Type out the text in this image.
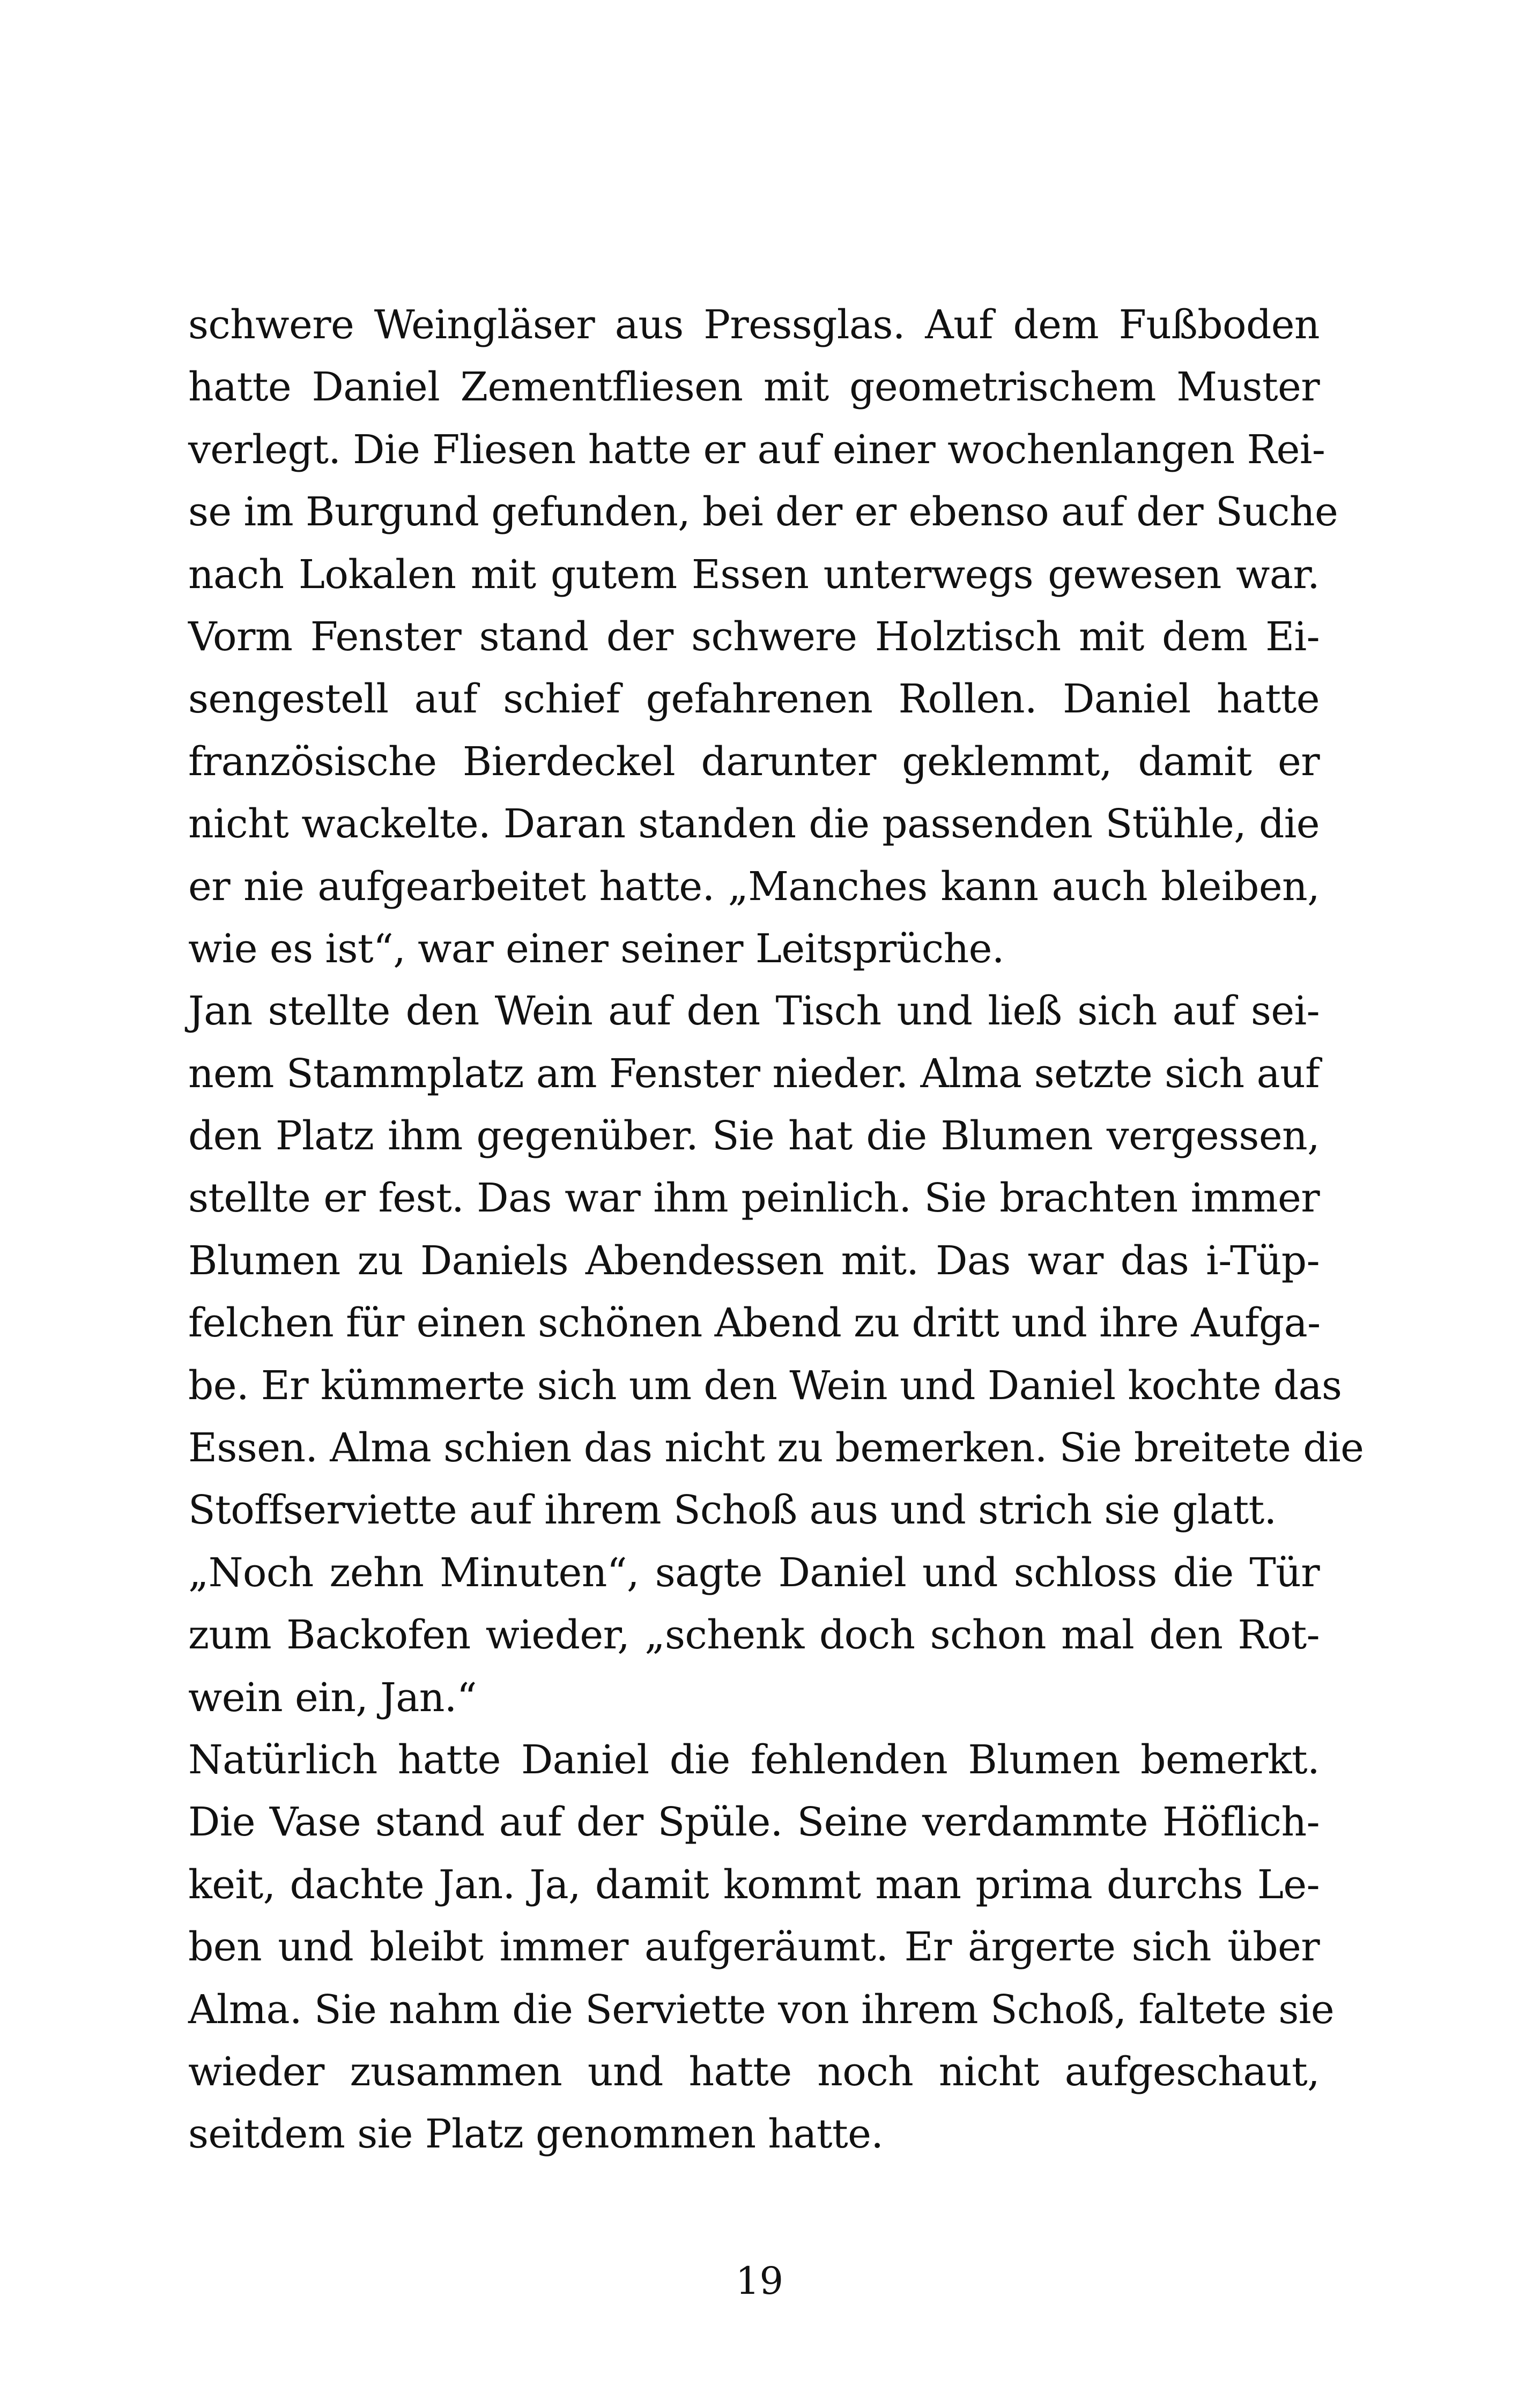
schwere Weingläser aus Pressglas. Auf dem Fußboden
hatte Daniel Zementfliesen mit geometrischem Muster
verlegt. Die Fliesen hatte er auf einer wochenlangen Rei-
se im Burgund gefunden, bei der er ebenso auf der Suche
nach Lokalen mit gutem Essen unterwegs gewesen war.
Vorm Fenster stand der schwere Holztisch mit dem Ei-
sengestell auf schief gefahrenen Rollen. Daniel hatte
französische Bierdeckel darunter geklemmt, damit er
nicht wackelte. Daran standen die passenden Stühle, die
er nie aufgearbeitet hatte. „Manches kann auch bleiben,
wie es ist“, war einer seiner Leitsprüche.
Jan stellte den Wein auf den Tisch und ließ sich auf sei-
nem Stammplatz am Fenster nieder. Alma setzte sich auf
den Platz ihm gegenüber. Sie hat die Blumen vergessen,
stellte er fest. Das war ihm peinlich. Sie brachten immer
Blumen zu Daniels Abendessen mit. Das war das i-Tüp-
felchen für einen schönen Abend zu dritt und ihre Aufga-
be. Er kümmerte sich um den Wein und Daniel kochte das
Essen. Alma schien das nicht zu bemerken. Sie breitete die
Stoffserviette auf ihrem Schoß aus und strich sie glatt.
„Noch zehn Minuten“, sagte Daniel und schloss die Tür
zum Backofen wieder, „schenk doch schon mal den Rot-
wein ein, Jan.“
Natürlich hatte Daniel die fehlenden Blumen bemerkt.
Die Vase stand auf der Spüle. Seine verdammte Höflich-
keit, dachte Jan. Ja, damit kommt man prima durchs Le-
ben und bleibt immer aufgeräumt. Er ärgerte sich über
Alma. Sie nahm die Serviette von ihrem Schoß, faltete sie
wieder zusammen und hatte noch nicht aufgeschaut,
seitdem sie Platz genommen hatte.
19
